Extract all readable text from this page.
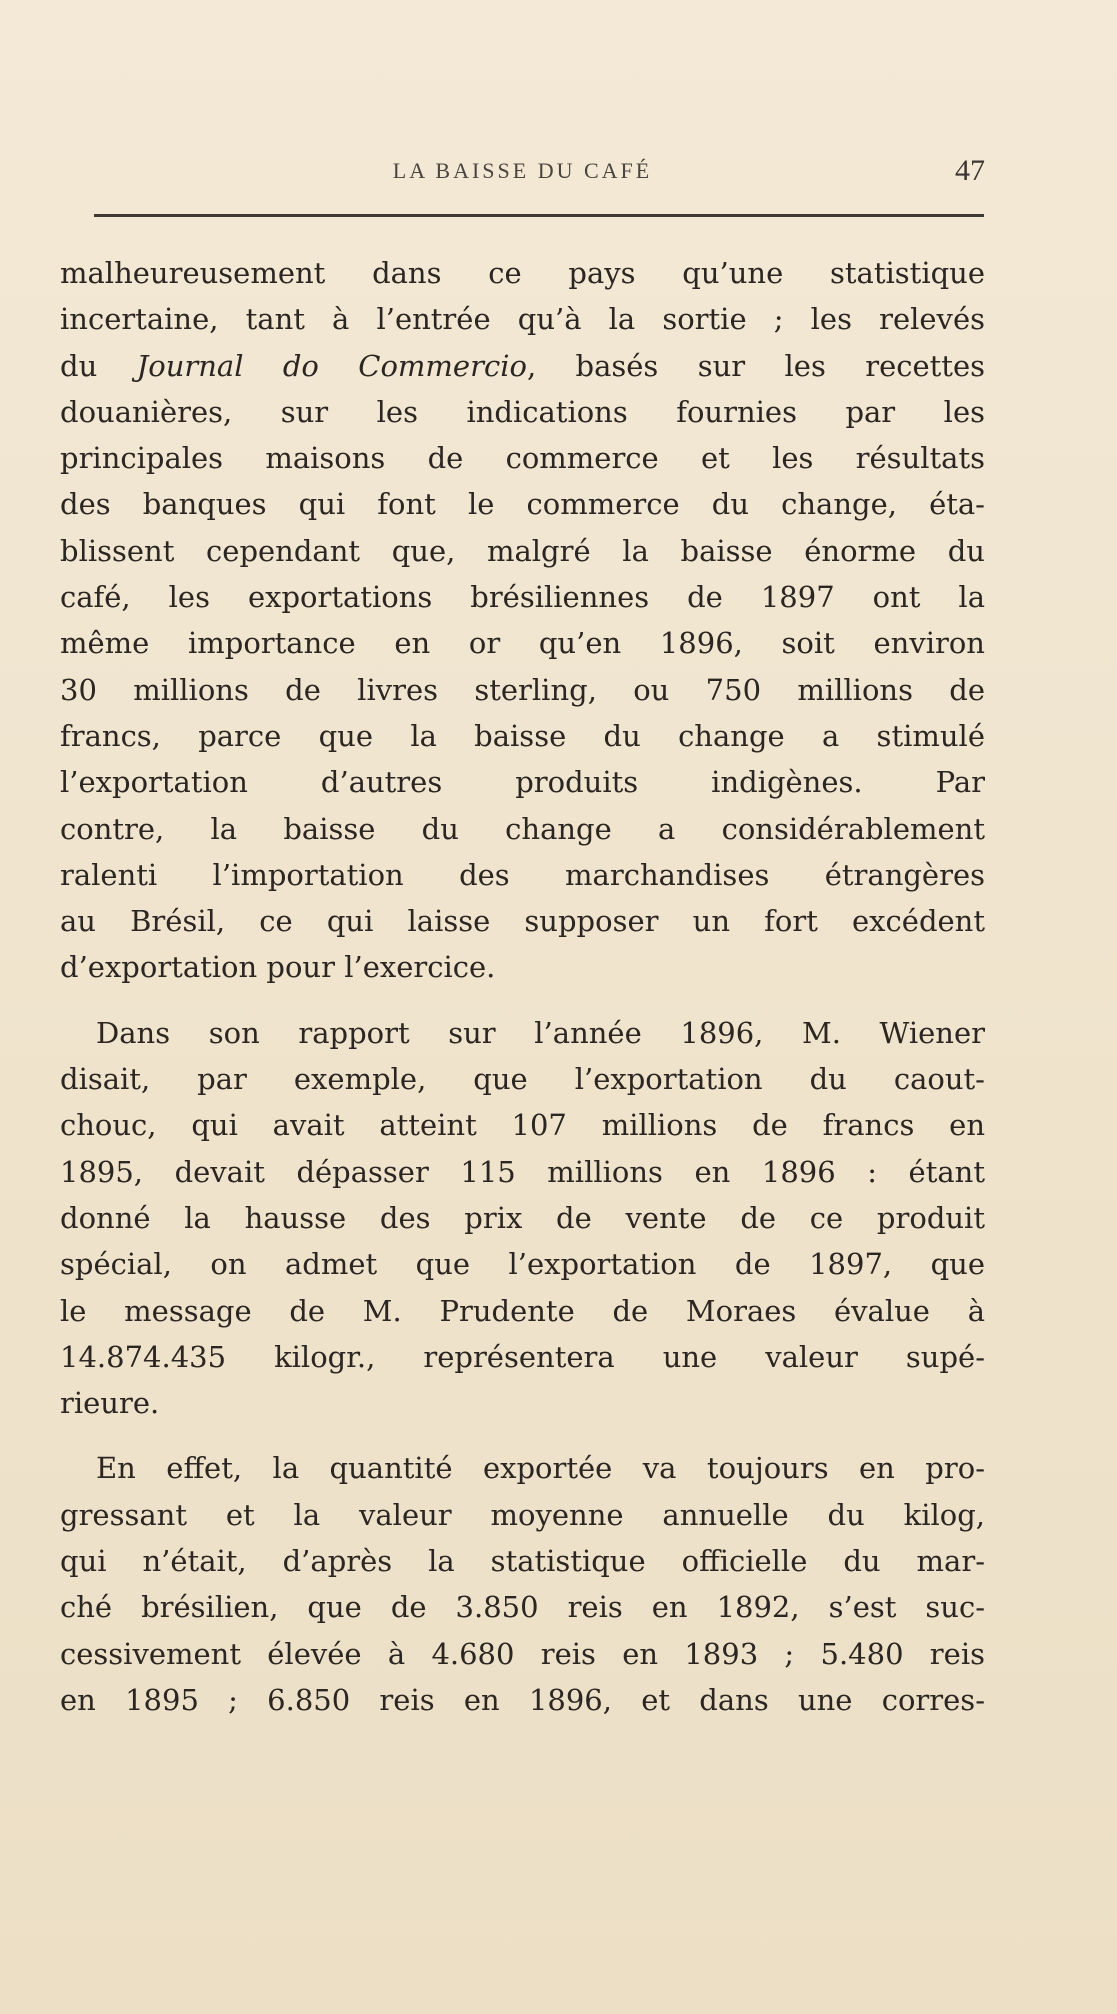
LA BAISSE DU CAFÉ	47
malheureusement dans ce pays qu’une statistique
incertaine, tant à l’entrée qu’à la sortie ; les relevés
du Journal do Commercio, basés sur les recettes
douanières, sur les indications fournies par les
principales maisons de commerce et les résultats
des banques qui font le commerce du change, éta-
blissent cependant que, malgré la baisse énorme du
café, les exportations brésiliennes de 1897 ont la
même importance en or qu’en 1896, soit environ
30 millions de livres sterling, ou 750 millions de
francs, parce que la baisse du change a stimulé
l’exportation d’autres produits indigènes. Par
contre, la baisse du change a considérablement
ralenti l’importation des marchandises étrangères
au Brésil, ce qui laisse supposer un fort excédent
d’exportation pour l’exercice.
Dans son rapport sur l’année 1896, M. Wiener
disait, par exemple, que l’exportation du caout-
chouc, qui avait atteint 107 millions de francs en
1895, devait dépasser 115 millions en 1896 : étant
donné la hausse des prix de vente de ce produit
spécial, on admet que l’exportation de 1897, que
le message de M. Prudente de Moraes évalue à
14.874.435 kilogr., représentera une valeur supé-
rieure.
En effet, la quantité exportée va toujours en pro-
gressant et la valeur moyenne annuelle du kilog,
qui n’était, d’après la statistique officielle du mar-
ché brésilien, que de 3.850 reis en 1892, s’est suc-
cessivement élevée à 4.680 reis en 1893 ; 5.480 reis
en 1895 ; 6.850 reis en 1896, et dans une corres-
